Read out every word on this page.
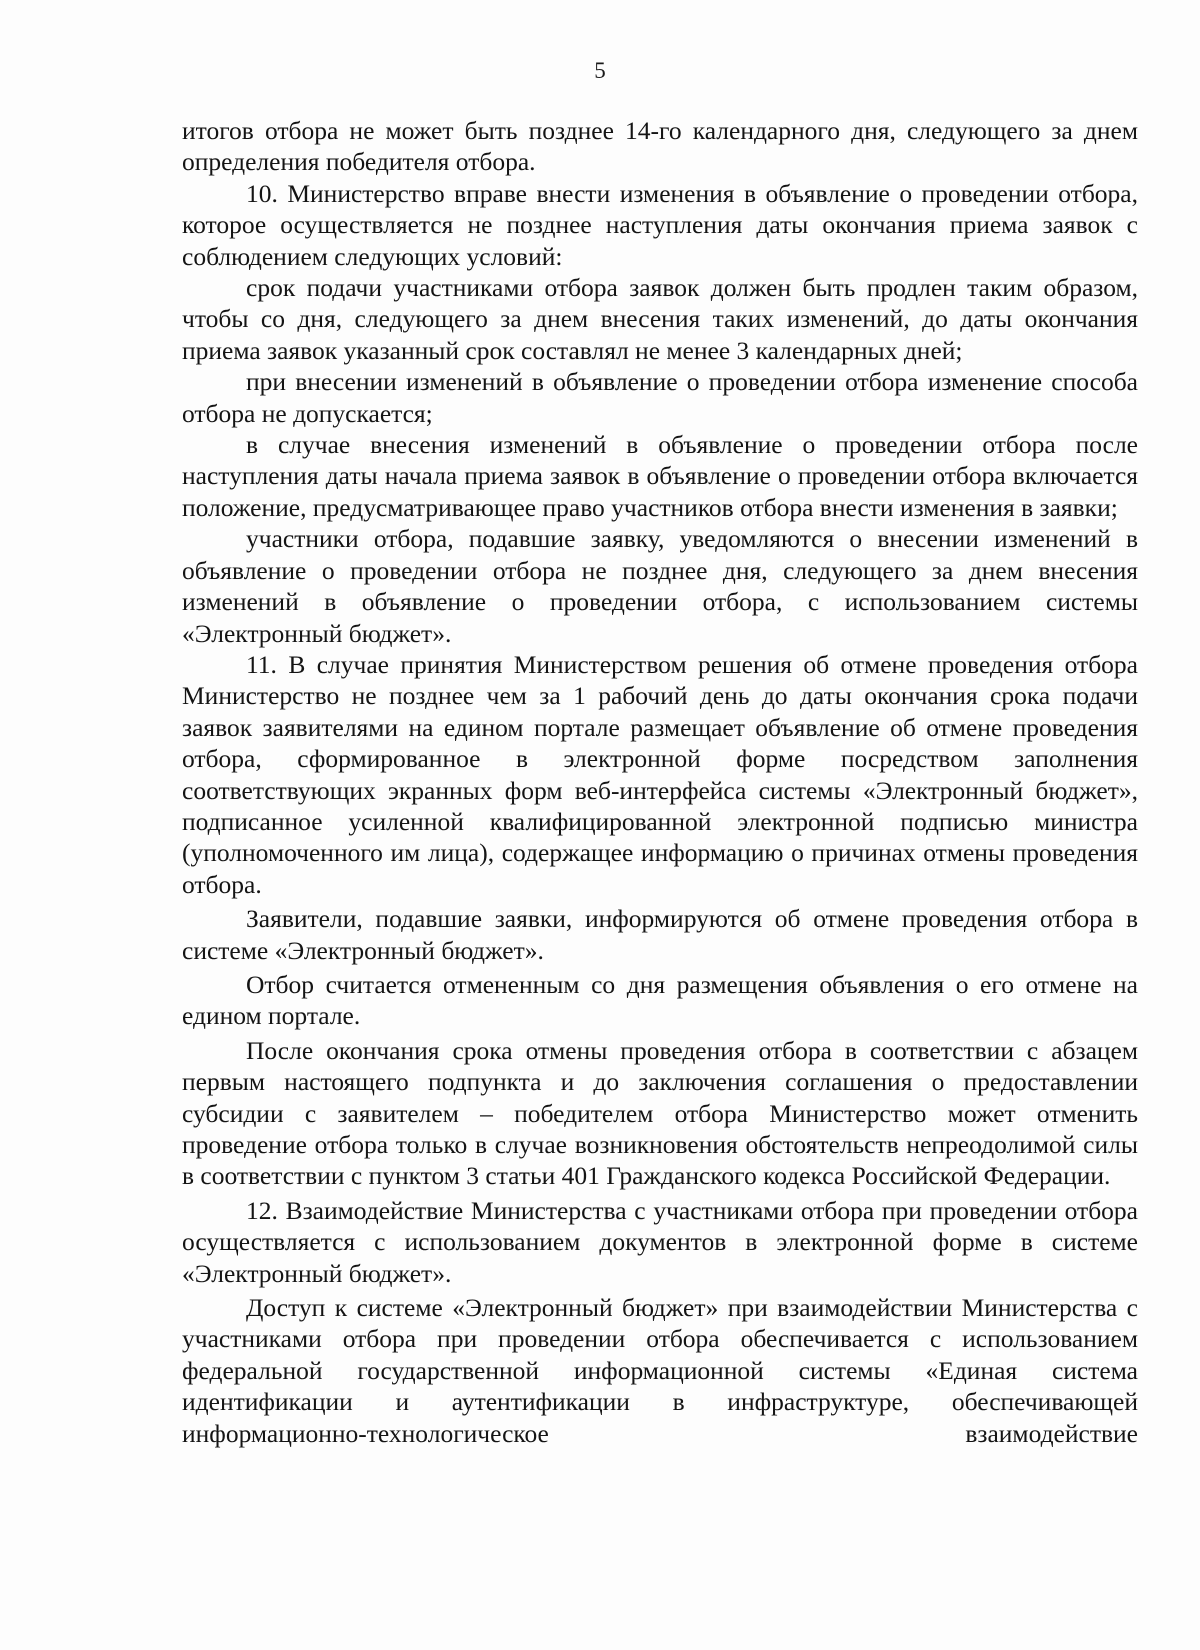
5

итогов отбора не может быть позднее 14-го календарного дня, следующего за днем определения победителя отбора.

10. Министерство вправе внести изменения в объявление о проведении отбора, которое осуществляется не позднее наступления даты окончания приема заявок с соблюдением следующих условий:

срок подачи участниками отбора заявок должен быть продлен таким образом, чтобы со дня, следующего за днем внесения таких изменений, до даты окончания приема заявок указанный срок составлял не менее 3 календарных дней;

при внесении изменений в объявление о проведении отбора изменение способа отбора не допускается;

в случае внесения изменений в объявление о проведении отбора после наступления даты начала приема заявок в объявление о проведении отбора включается положение, предусматривающее право участников отбора внести изменения в заявки;

участники отбора, подавшие заявку, уведомляются о внесении изменений в объявление о проведении отбора не позднее дня, следующего за днем внесения изменений в объявление о проведении отбора, с использованием системы «Электронный бюджет».

11. В случае принятия Министерством решения об отмене проведения отбора Министерство не позднее чем за 1 рабочий день до даты окончания срока подачи заявок заявителями на едином портале размещает объявление об отмене проведения отбора, сформированное в электронной форме посредством заполнения соответствующих экранных форм веб-интерфейса системы «Электронный бюджет», подписанное усиленной квалифицированной электронной подписью министра (уполномоченного им лица), содержащее информацию о причинах отмены проведения отбора.

Заявители, подавшие заявки, информируются об отмене проведения отбора в системе «Электронный бюджет».

Отбор считается отмененным со дня размещения объявления о его отмене на едином портале.

После окончания срока отмены проведения отбора в соответствии с абзацем первым настоящего подпункта и до заключения соглашения о предоставлении субсидии с заявителем – победителем отбора Министерство может отменить проведение отбора только в случае возникновения обстоятельств непреодолимой силы в соответствии с пунктом 3 статьи 401 Гражданского кодекса Российской Федерации.

12. Взаимодействие Министерства с участниками отбора при проведении отбора осуществляется с использованием документов в электронной форме в системе «Электронный бюджет».

Доступ к системе «Электронный бюджет» при взаимодействии Министерства с участниками отбора при проведении отбора обеспечивается с использованием федеральной государственной информационной системы «Единая система идентификации и аутентификации в инфраструктуре, обеспечивающей информационно-технологическое взаимодействие
